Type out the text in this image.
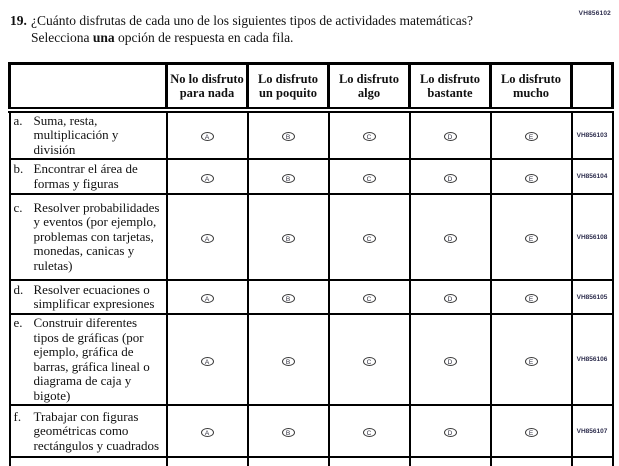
VH856102
19. ¿Cuánto disfrutas de cada uno de los siguientes tipos de actividades matemáticas? Selecciona una opción de respuesta en cada fila.
	No lo disfruto para nada	Lo disfruto un poquito	Lo disfruto algo	Lo disfruto bastante	Lo disfruto mucho	

a. Suma, resta, multiplicación y división	A	B	C	D	E	VH856103

b. Encontrar el área de formas y figuras	A	B	C	D	E	VH856104

c. Resolver probabilidades y eventos (por ejemplo, problemas con tarjetas, monedas, canicas y ruletas)	A	B	C	D	E	VH856108

d. Resolver ecuaciones o simplificar expresiones	A	B	C	D	E	VH856105

e. Construir diferentes tipos de gráficas (por ejemplo, gráfica de barras, gráfica lineal o diagrama de caja y bigote)	A	B	C	D	E	VH856106

f. Trabajar con figuras geométricas como rectángulos y cuadrados	A	B	C	D	E	VH856107
